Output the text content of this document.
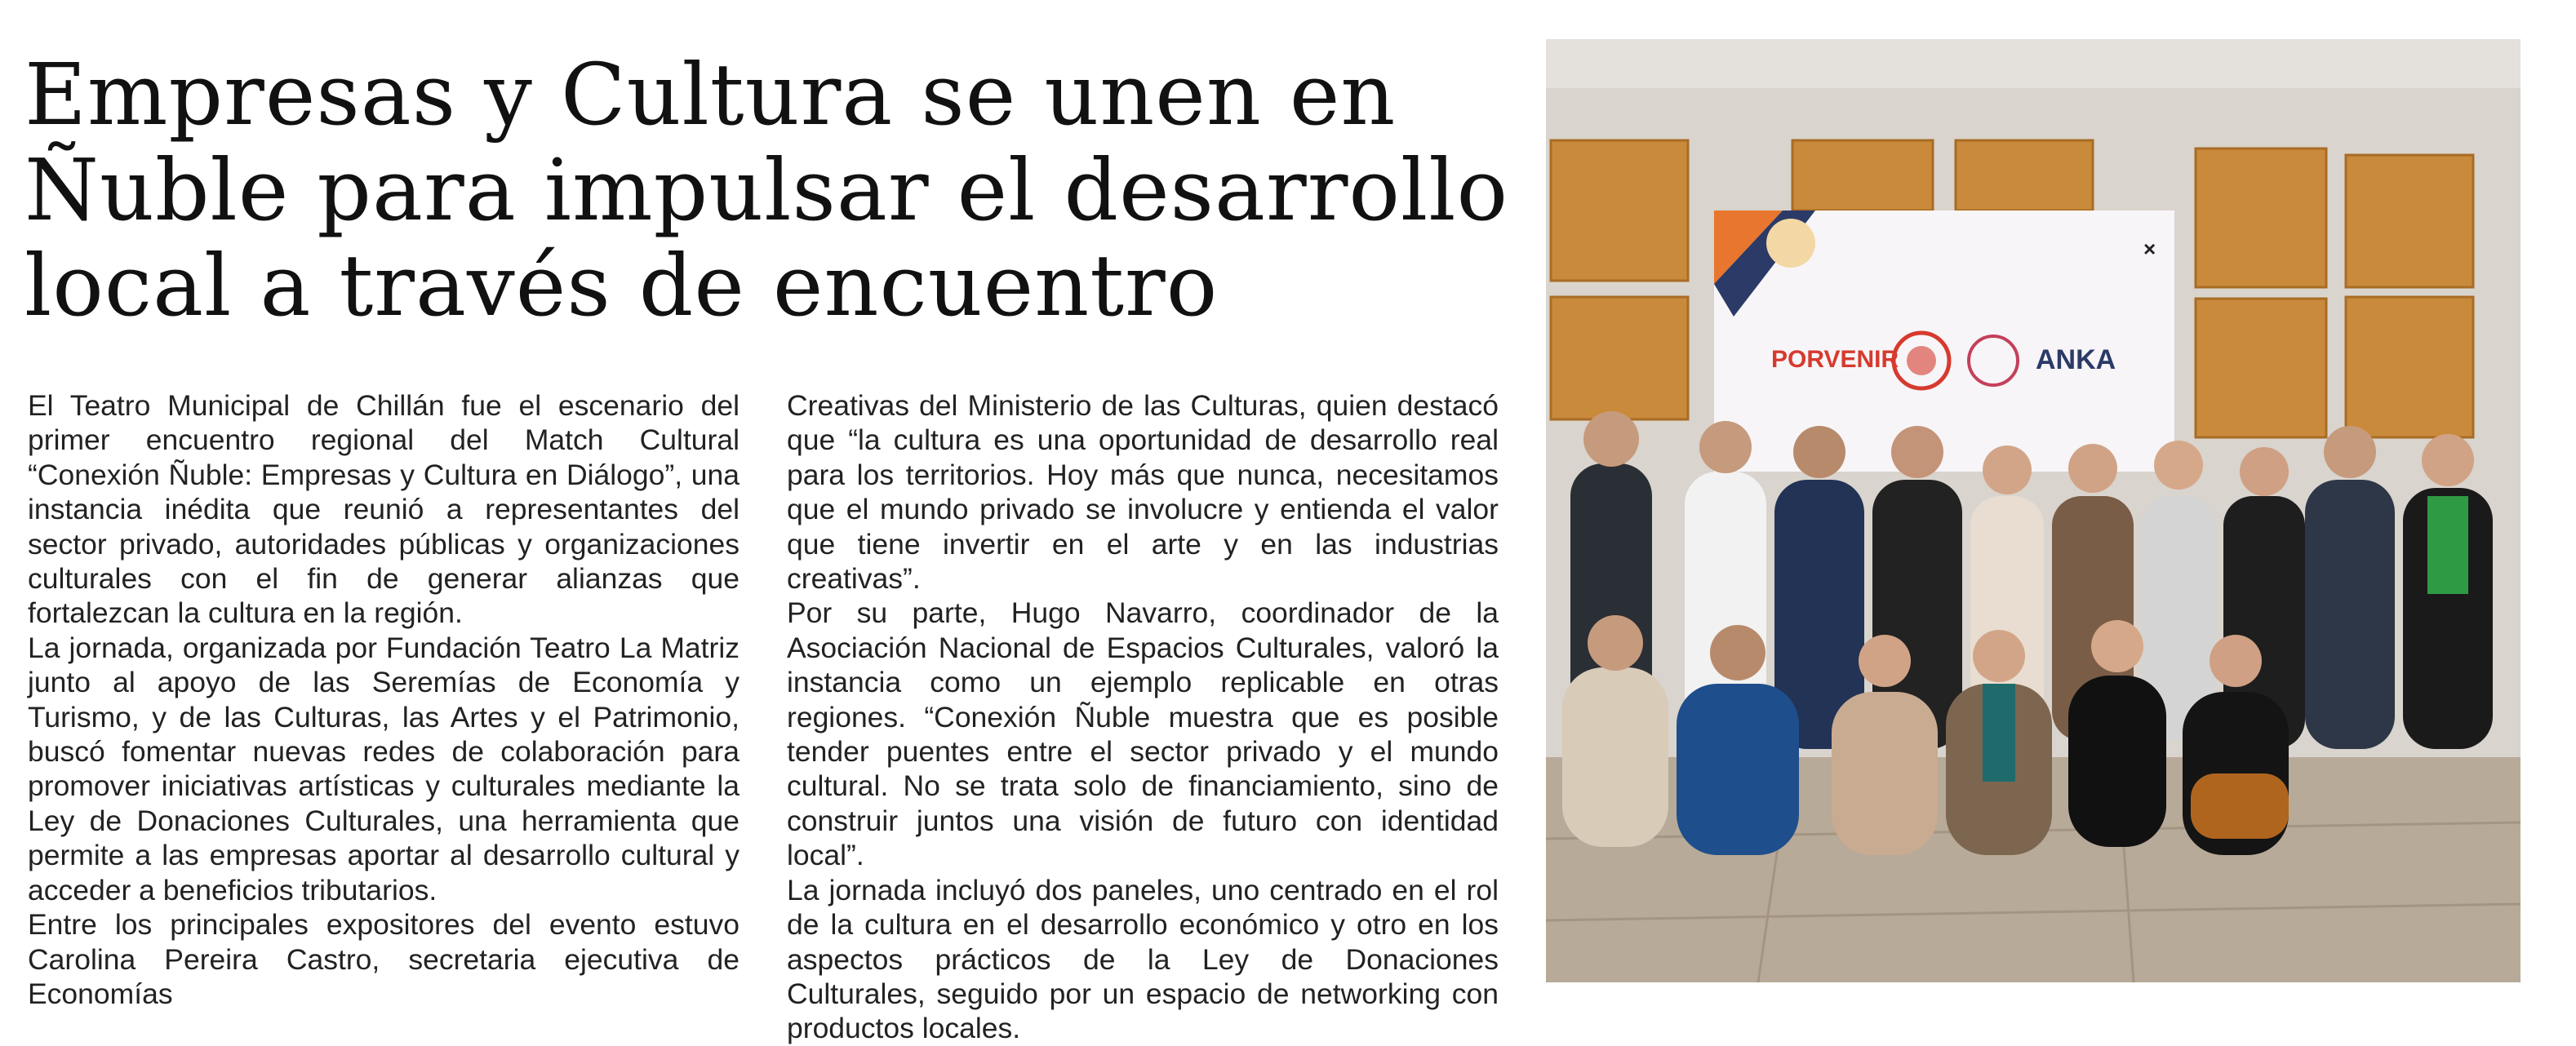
Empresas y Cultura se unen en
Ñuble para impulsar el desarrollo
local a través de encuentro

El Teatro Municipal de Chillán fue el escenario del primer encuentro regional del Match Cultural “Conexión Ñuble: Empresas y Cultura en Diálogo”, una instancia inédita que reunió a representantes del sector privado, autoridades públicas y organizaciones culturales con el fin de generar alianzas que fortalezcan la cultura en la región.

La jornada, organizada por Fundación Teatro La Matriz junto al apoyo de las Seremías de Economía y Turismo, y de las Culturas, las Artes y el Patrimonio, buscó fomentar nuevas redes de colaboración para promover iniciativas artísticas y culturales mediante la Ley de Donaciones Culturales, una herramienta que permite a las empresas aportar al desarrollo cultural y acceder a beneficios tributarios.

Entre los principales expositores del evento estuvo Carolina Pereira Castro, secretaria ejecutiva de Economías

Creativas del Ministerio de las Culturas, quien destacó que “la cultura es una oportunidad de desarrollo real para los territorios. Hoy más que nunca, necesitamos que el mundo privado se involucre y entienda el valor que tiene invertir en el arte y en las industrias creativas”.

Por su parte, Hugo Navarro, coordinador de la Asociación Nacional de Espacios Culturales, valoró la instancia como un ejemplo replicable en otras regiones. “Conexión Ñuble muestra que es posible tender puentes entre el sector privado y el mundo cultural. No se trata solo de financiamiento, sino de construir juntos una visión de futuro con identidad local”.

La jornada incluyó dos paneles, uno centrado en el rol de la cultura en el desarrollo económico y otro en los aspectos prácticos de la Ley de Donaciones Culturales, seguido por un espacio de networking con productos locales.

PORVENIR	ANKA
×
